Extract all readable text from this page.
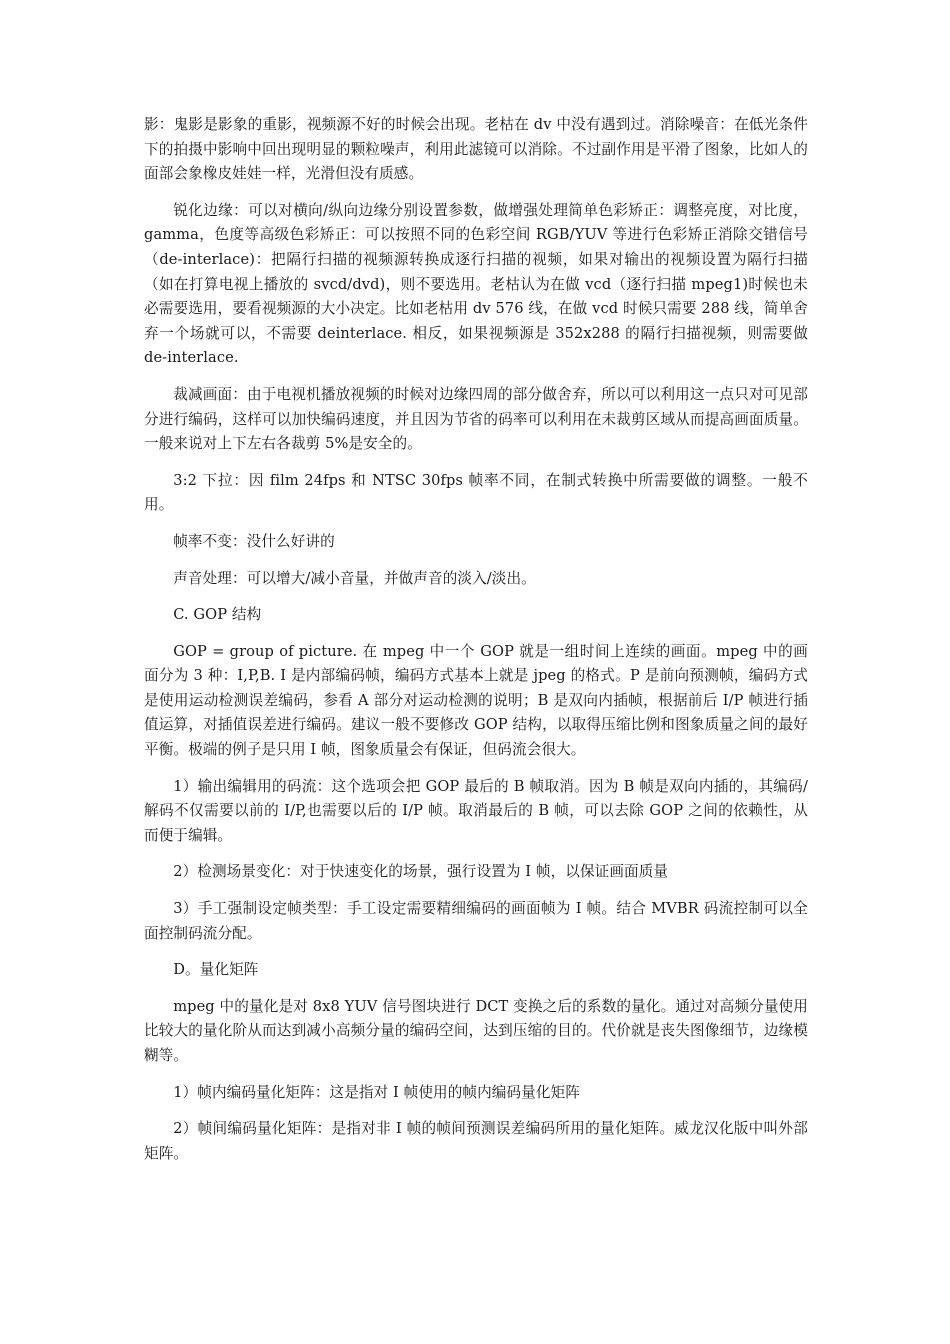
影：鬼影是影象的重影，视频源不好的时候会出现。老枯在 dv 中没有遇到过。消除噪音：在低光条件下的拍摄中影响中回出现明显的颗粒噪声，利用此滤镜可以消除。不过副作用是平滑了图象，比如人的面部会象橡皮娃娃一样，光滑但没有质感。

锐化边缘：可以对横向/纵向边缘分别设置参数，做增强处理简单色彩矫正：调整亮度，对比度，gamma，色度等高级色彩矫正：可以按照不同的色彩空间 RGB/YUV 等进行色彩矫正消除交错信号（de-interlace)：把隔行扫描的视频源转换成逐行扫描的视频，如果对输出的视频设置为隔行扫描（如在打算电视上播放的 svcd/dvd)，则不要选用。老枯认为在做 vcd（逐行扫描 mpeg1)时候也未必需要选用，要看视频源的大小决定。比如老枯用 dv 576 线，在做 vcd 时候只需要 288 线，简单舍弃一个场就可以，不需要 deinterlace. 相反，如果视频源是 352x288 的隔行扫描视频，则需要做 de-interlace.

裁减画面：由于电视机播放视频的时候对边缘四周的部分做舍弃，所以可以利用这一点只对可见部分进行编码，这样可以加快编码速度，并且因为节省的码率可以利用在未裁剪区域从而提高画面质量。一般来说对上下左右各裁剪 5%是安全的。

3:2 下拉：因 film 24fps 和 NTSC 30fps 帧率不同，在制式转换中所需要做的调整。一般不用。

帧率不变：没什么好讲的

声音处理：可以增大/减小音量，并做声音的淡入/淡出。

C. GOP 结构

GOP = group of picture. 在 mpeg 中一个 GOP 就是一组时间上连续的画面。mpeg 中的画面分为 3 种：I,P,B. I 是内部编码帧，编码方式基本上就是 jpeg 的格式。P 是前向预测帧，编码方式是使用运动检测误差编码，参看 A 部分对运动检测的说明；B 是双向内插帧，根据前后 I/P 帧进行插值运算，对插值误差进行编码。建议一般不要修改 GOP 结构，以取得压缩比例和图象质量之间的最好平衡。极端的例子是只用 I 帧，图象质量会有保证，但码流会很大。

1）输出编辑用的码流：这个选项会把 GOP 最后的 B 帧取消。因为 B 帧是双向内插的，其编码/解码不仅需要以前的 I/P,也需要以后的 I/P 帧。取消最后的 B 帧，可以去除 GOP 之间的依赖性，从而便于编辑。

2）检测场景变化：对于快速变化的场景，强行设置为 I 帧，以保证画面质量

3）手工强制设定帧类型：手工设定需要精细编码的画面帧为 I 帧。结合 MVBR 码流控制可以全面控制码流分配。

D。量化矩阵

mpeg 中的量化是对 8x8 YUV 信号图块进行 DCT 变换之后的系数的量化。通过对高频分量使用比较大的量化阶从而达到减小高频分量的编码空间，达到压缩的目的。代价就是丧失图像细节，边缘模糊等。

1）帧内编码量化矩阵：这是指对 I 帧使用的帧内编码量化矩阵

2）帧间编码量化矩阵：是指对非 I 帧的帧间预测误差编码所用的量化矩阵。威龙汉化版中叫外部矩阵。
